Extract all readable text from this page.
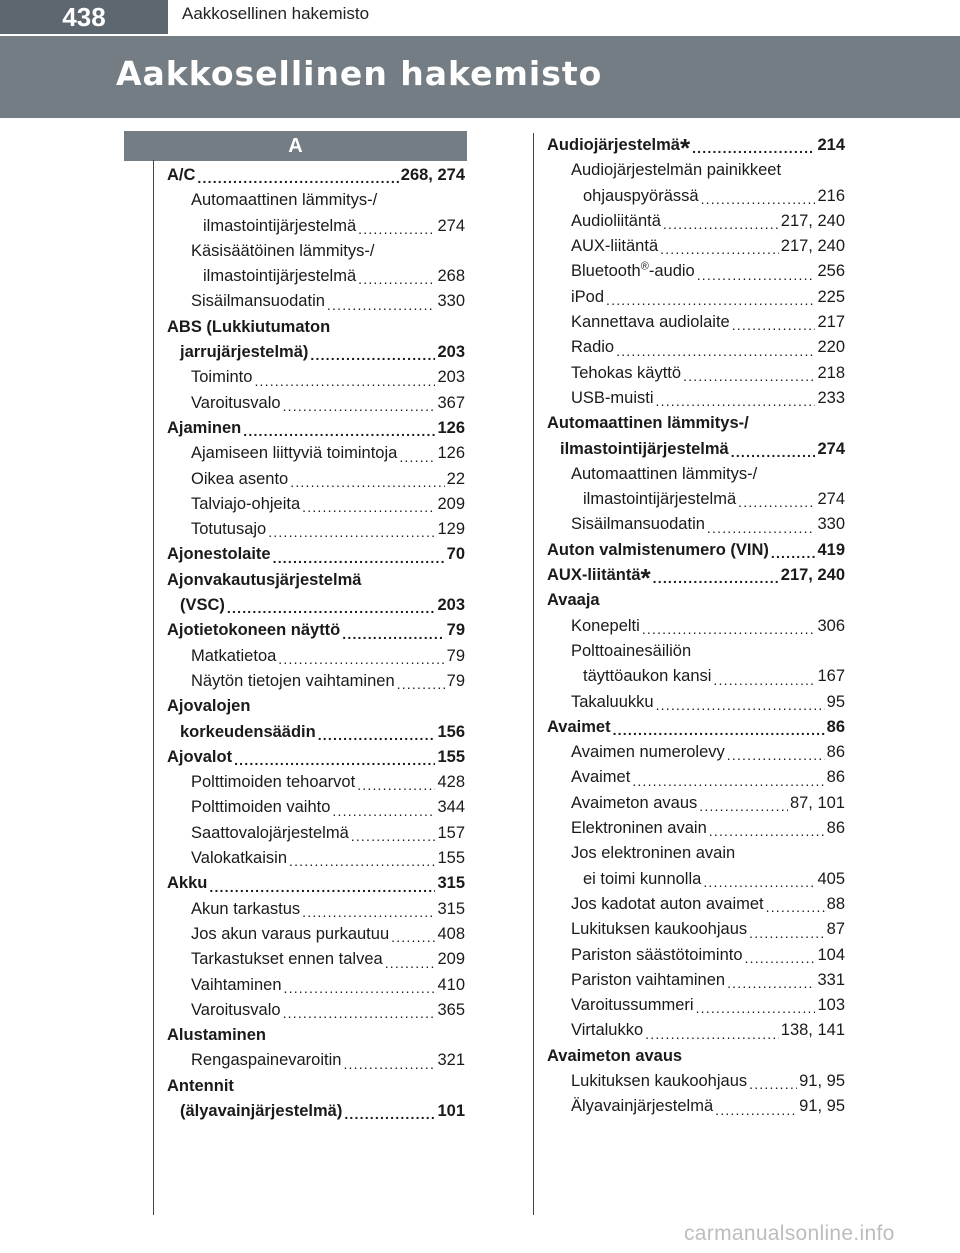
438	Aakkosellinen hakemisto
Aakkosellinen hakemisto
A
A/C .....	268, 274
Automaattinen lämmitys-/
ilmastointijärjestelmä .....	274
Käsisäätöinen lämmitys-/
ilmastointijärjestelmä .....	268
Sisäilmansuodatin .....	330
ABS (Lukkiutumaton
jarrujärjestelmä) .....	203
Toiminto .....	203
Varoitusvalo .....	367
Ajaminen .....	126
Ajamiseen liittyviä toimintoja ..... 126
Oikea asento .....	22
Talviajo-ohjeita .....	209
Totutusajo .....	129
Ajonestolaite .....	70
Ajonvakautusjärjestelmä
(VSC) .....	203
Ajotietokoneen näyttö .....	79
Matkatietoa .....	79
Näytön tietojen vaihtaminen .....	79
Ajovalojen
korkeudensäädin .....	156
Ajovalot .....	155
Polttimoiden tehoarvot .....	428
Polttimoiden vaihto .....	344
Saattovalojärjestelmä .....	157
Valokatkaisin .....	155
Akku .....	315
Akun tarkastus .....	315
Jos akun varaus purkautuu .....	408
Tarkastukset ennen talvea .....	209
Vaihtaminen .....	410
Varoitusvalo .....	365
Alustaminen
Rengaspainevaroitin .....	321
Antennit
(älyavainjärjestelmä) .....	101
Audiojärjestelmä* .....	214
Audiojärjestelmän painikkeet
ohjauspyörässä .....	216
Audioliitäntä .....	217, 240
AUX-liitäntä .....	217, 240
Bluetooth®-audio .....	256
iPod .....	225
Kannettava audiolaite .....	217
Radio .....	220
Tehokas käyttö .....	218
USB-muisti .....	233
Automaattinen lämmitys-/
ilmastointijärjestelmä .....	274
Automaattinen lämmitys-/
ilmastointijärjestelmä .....	274
Sisäilmansuodatin .....	330
Auton valmistenumero (VIN) .....	419
AUX-liitäntä* .....	217, 240
Avaaja
Konepelti .....	306
Polttoainesäiliön
täyttöaukon kansi .....	167
Takaluukku .....	95
Avaimet .....	86
Avaimen numerolevy .....	86
Avaimet .....	86
Avaimeton avaus .....	87, 101
Elektroninen avain .....	86
Jos elektroninen avain
ei toimi kunnolla .....	405
Jos kadotat auton avaimet .....	88
Lukituksen kaukoohjaus .....	87
Pariston säästötoiminto .....	104
Pariston vaihtaminen .....	331
Varoitussummeri .....	103
Virtalukko .....	138, 141
Avaimeton avaus
Lukituksen kaukoohjaus .....	91, 95
Älyavainjärjestelmä .....	91, 95
carmanualsonline.info
